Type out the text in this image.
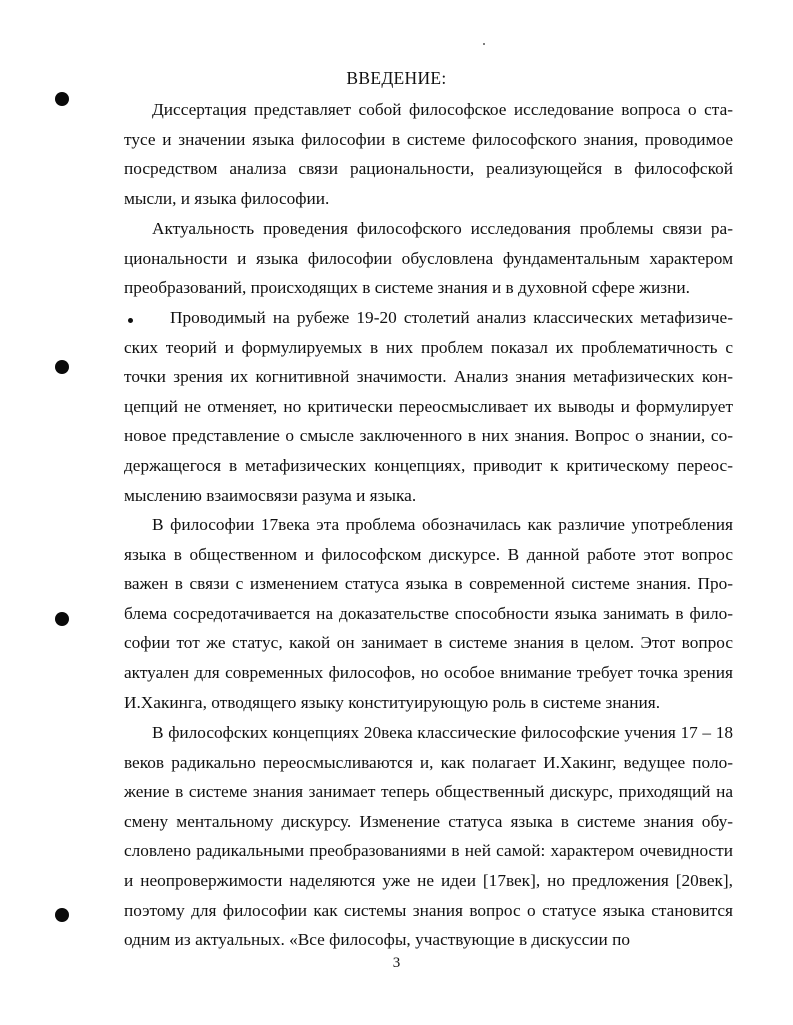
ВВЕДЕНИЕ:

Диссертация представляет собой философское исследование вопроса о статусе и значении языка философии в системе философского знания, проводимое посредством анализа связи рациональности, реализующейся в философской мысли, и языка философии.

Актуальность проведения философского исследования проблемы связи рациональности и языка философии обусловлена фундаментальным характером преобразований, происходящих в системе знания и в духовной сфере жизни.

Проводимый на рубеже 19-20 столетий анализ классических метафизических теорий и формулируемых в них проблем показал их проблематичность с точки зрения их когнитивной значимости. Анализ знания метафизических концепций не отменяет, но критически переосмысливает их выводы и формулирует новое представление о смысле заключенного в них знания. Вопрос о знании, содержащегося в метафизических концепциях, приводит к критическому переосмыслению взаимосвязи разума и языка.

В философии 17века эта проблема обозначилась как различие употребления языка в общественном и философском дискурсе. В данной работе этот вопрос важен в связи с изменением статуса языка в современной системе знания. Проблема сосредотачивается на доказательстве способности языка занимать в философии тот же статус, какой он занимает в системе знания в целом. Этот вопрос актуален для современных философов, но особое внимание требует точка зрения И.Хакинга, отводящего языку конституирующую роль в системе знания.

В философских концепциях 20века классические философские учения 17 – 18 веков радикально переосмысливаются и, как полагает И.Хакинг, ведущее положение в системе знания занимает теперь общественный дискурс, приходящий на смену ментальному дискурсу. Изменение статуса языка в системе знания обусловлено радикальными преобразованиями в ней самой: характером очевидности и неопровержимости наделяются уже не идеи [17век], но предложения [20век], поэтому для философии как системы знания вопрос о статусе языка становится одним из актуальных. «Все философы, участвующие в дискуссии по

3
